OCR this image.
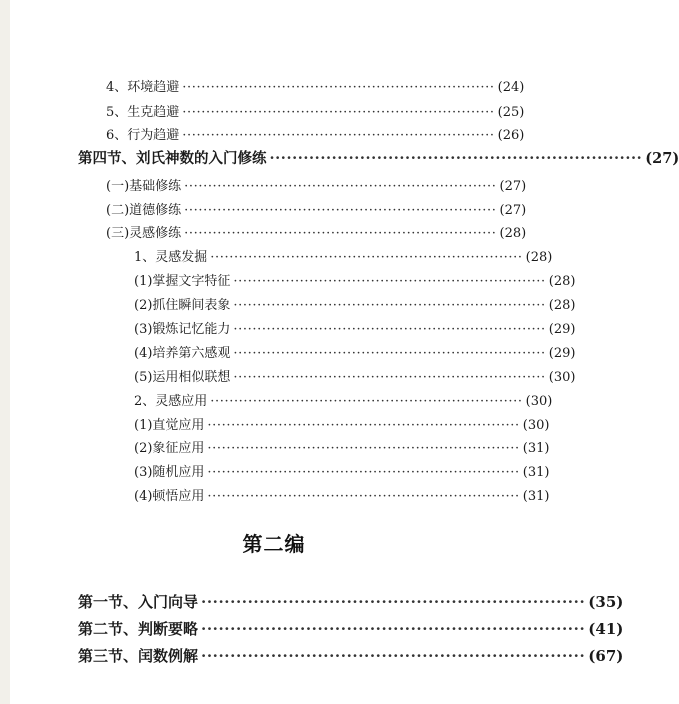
4、环境趋避 ·································································· (24)
5、生克趋避 ·································································· (25)
6、行为趋避 ·································································· (26)
第四节、刘氏神数的入门修练 ·································································· (27)
(一)基础修练 ·································································· (27)
(二)道德修练 ·································································· (27)
(三)灵感修练 ·································································· (28)
1、灵感发掘 ·································································· (28)
(1)掌握文字特征 ·································································· (28)
(2)抓住瞬间表象 ·································································· (28)
(3)锻炼记忆能力 ·································································· (29)
(4)培养第六感观 ·································································· (29)
(5)运用相似联想 ·································································· (30)
2、灵感应用 ·································································· (30)
(1)直觉应用 ·································································· (30)
(2)象征应用 ·································································· (31)
(3)随机应用 ·································································· (31)
(4)顿悟应用 ·································································· (31)
第二编
第一节、入门向导 ·································································· (35)
第二节、判断要略 ·································································· (41)
第三节、闰数例解 ·································································· (67)
